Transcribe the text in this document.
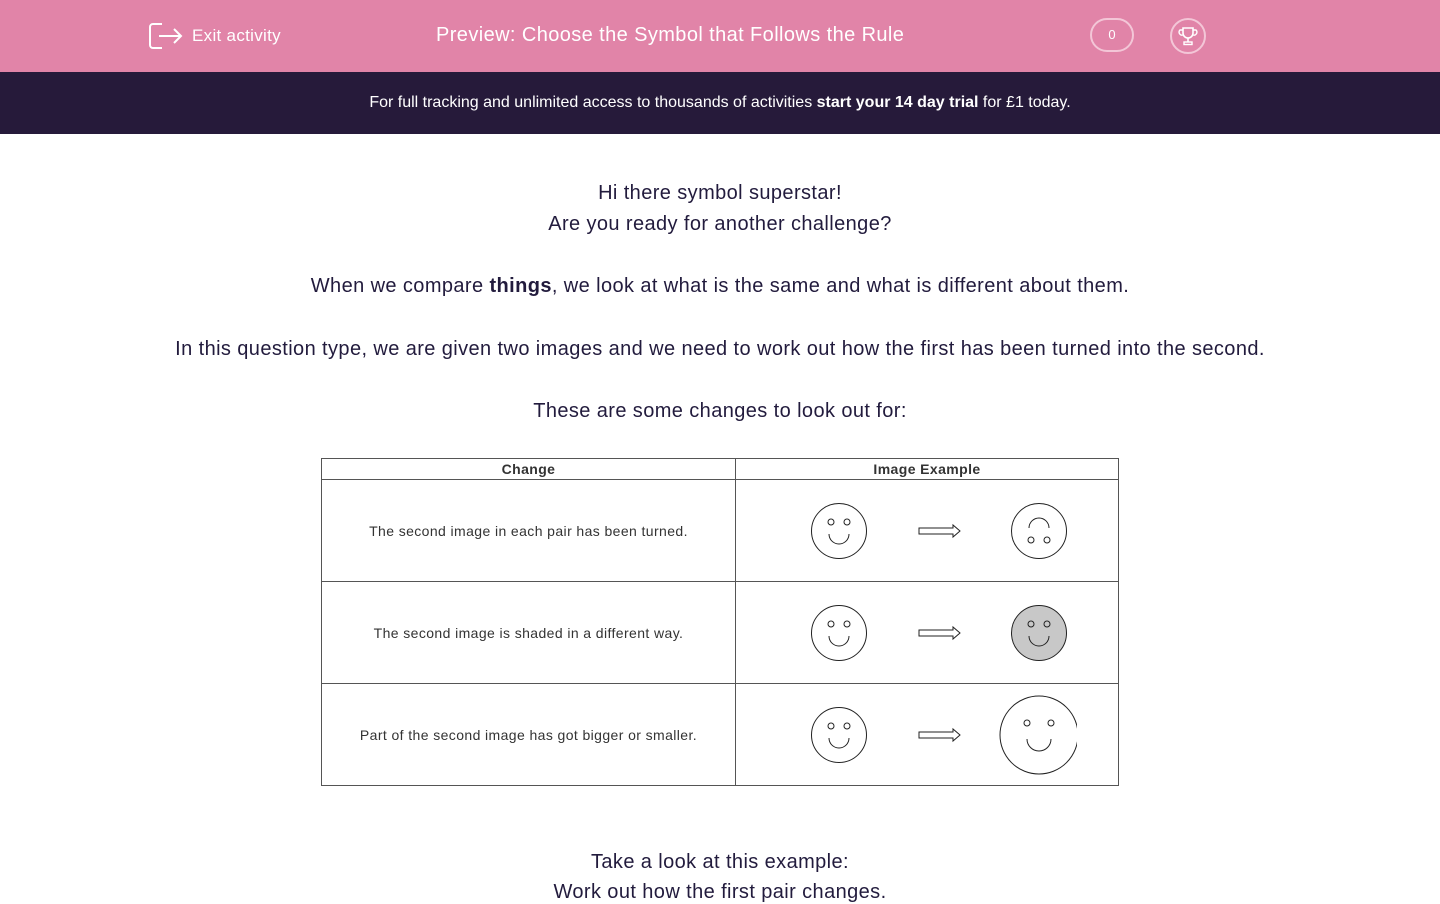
Exit activity	Preview: Choose the Symbol that Follows the Rule	0
For full tracking and unlimited access to thousands of activities start your 14 day trial for £1 today.
Hi there symbol superstar!
Are you ready for another challenge?
When we compare things, we look at what is the same and what is different about them.
In this question type, we are given two images and we need to work out how the first has been turned into the second.
These are some changes to look out for:
Change	Image Example
The second image in each pair has been turned.	

The second image is shaded in a different way.	

Part of the second image has got bigger or smaller.	
Take a look at this example:
Work out how the first pair changes.
